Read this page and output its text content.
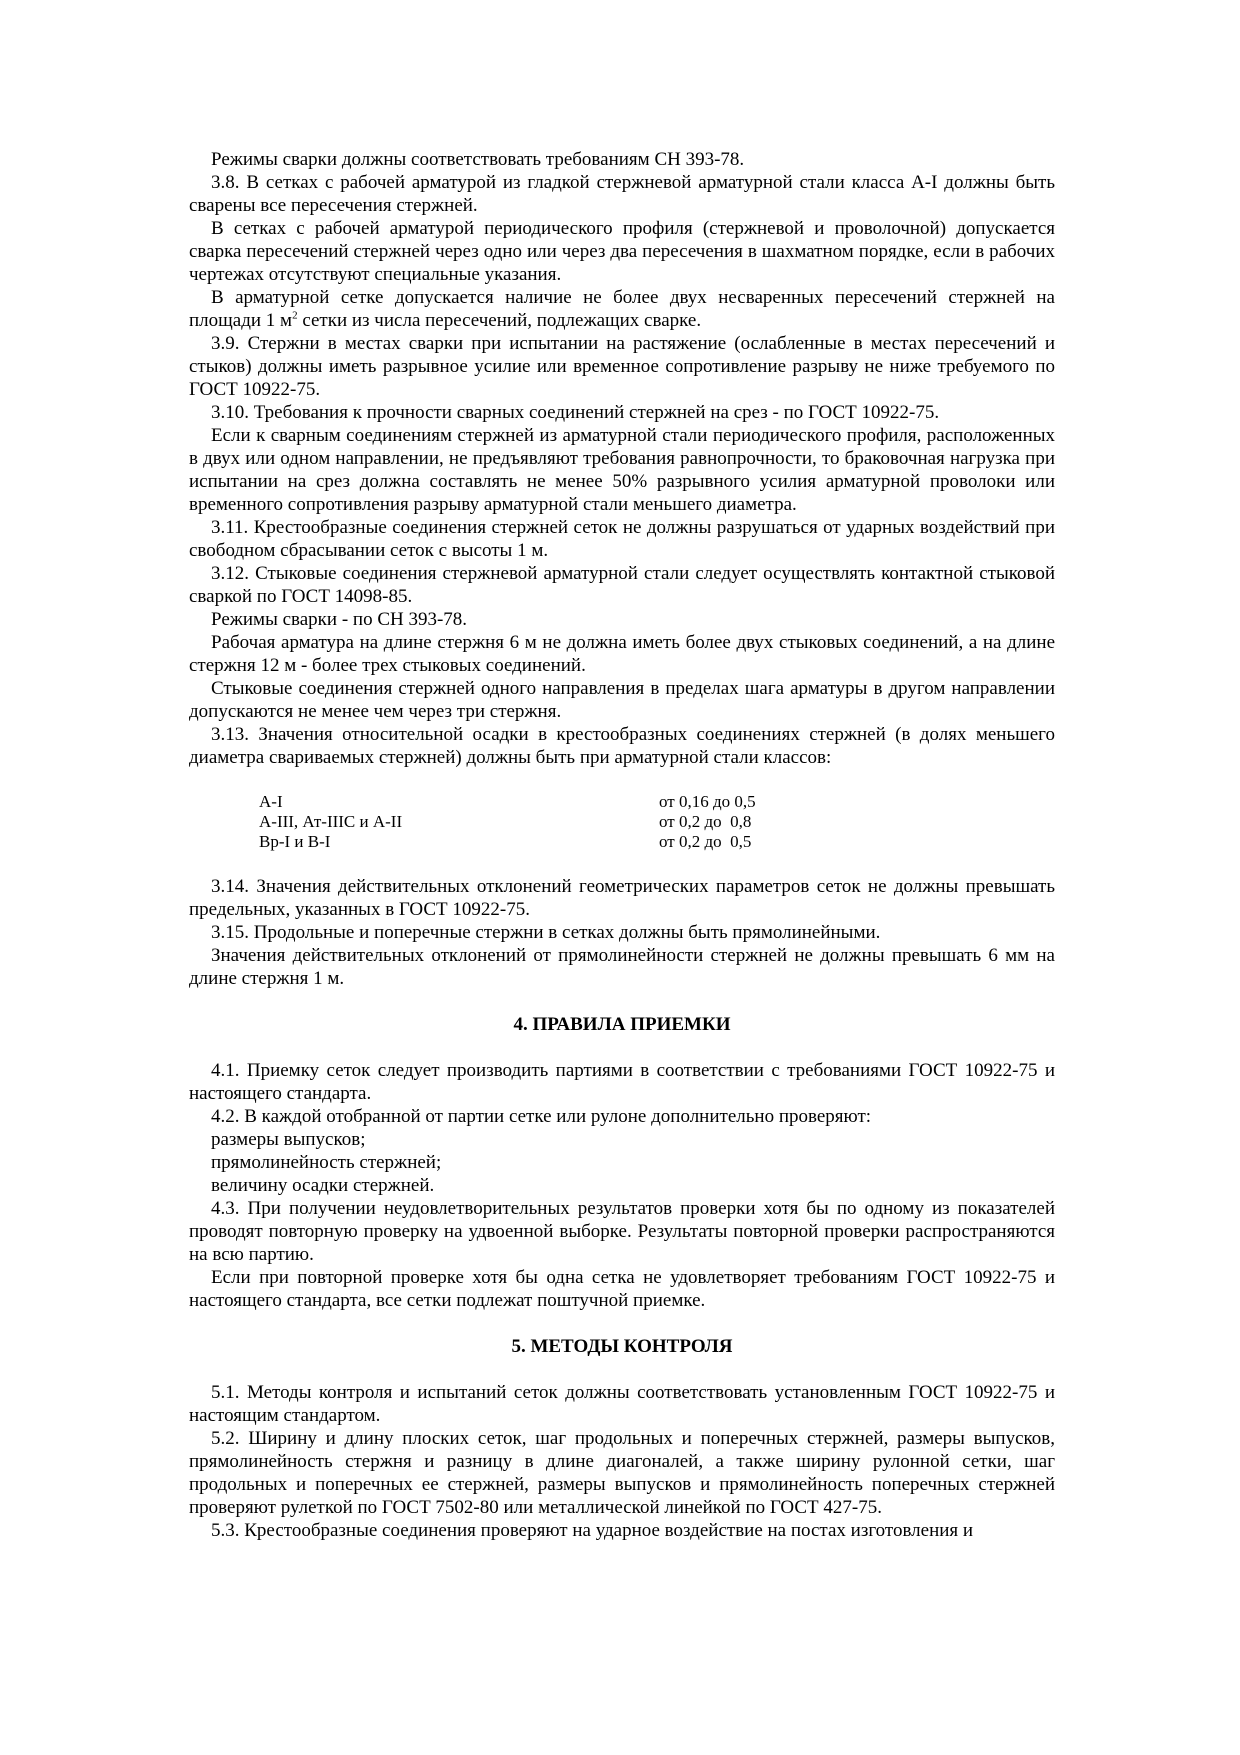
Режимы сварки должны соответствовать требованиям СН 393-78.

3.8. В сетках с рабочей арматурой из гладкой стержневой арматурной стали класса А-I должны быть сварены все пересечения стержней.

В сетках с рабочей арматурой периодического профиля (стержневой и проволочной) допускается сварка пересечений стержней через одно или через два пересечения в шахматном порядке, если в рабочих чертежах отсутствуют специальные указания.

В арматурной сетке допускается наличие не более двух несваренных пересечений стержней на площади 1 $м^2$ сетки из числа пересечений, подлежащих сварке.

3.9. Стержни в местах сварки при испытании на растяжение (ослабленные в местах пересечений и стыков) должны иметь разрывное усилие или временное сопротивление разрыву не ниже требуемого по ГОСТ 10922-75.

3.10. Требования к прочности сварных соединений стержней на срез - по ГОСТ 10922-75.

Если к сварным соединениям стержней из арматурной стали периодического профиля, расположенных в двух или одном направлении, не предъявляют требования равнопрочности, то браковочная нагрузка при испытании на срез должна составлять не менее 50% разрывного усилия арматурной проволоки или временного сопротивления разрыву арматурной стали меньшего диаметра.

3.11. Крестообразные соединения стержней сеток не должны разрушаться от ударных воздействий при свободном сбрасывании сеток с высоты 1 м.

3.12. Стыковые соединения стержневой арматурной стали следует осуществлять контактной стыковой сваркой по ГОСТ 14098-85.

Режимы сварки - по СН 393-78.

Рабочая арматура на длине стержня 6 м не должна иметь более двух стыковых соединений, а на длине стержня 12 м - более трех стыковых соединений.

Стыковые соединения стержней одного направления в пределах шага арматуры в другом направлении допускаются не менее чем через три стержня.

3.13. Значения относительной осадки в крестообразных соединениях стержней (в долях меньшего диаметра свариваемых стержней) должны быть при арматурной стали классов:

А-I	от 0,16 до 0,5
А-III, Ат-IIIС и А-II	от 0,2 до  0,8
Вр-I и В-I	от 0,2 до  0,5

3.14. Значения действительных отклонений геометрических параметров сеток не должны превышать предельных, указанных в ГОСТ 10922-75.

3.15. Продольные и поперечные стержни в сетках должны быть прямолинейными.

Значения действительных отклонений от прямолинейности стержней не должны превышать 6 мм на длине стержня 1 м.

4. ПРАВИЛА ПРИЕМКИ

4.1. Приемку сеток следует производить партиями в соответствии с требованиями ГОСТ 10922-75 и настоящего стандарта.

4.2. В каждой отобранной от партии сетке или рулоне дополнительно проверяют:

размеры выпусков;

прямолинейность стержней;

величину осадки стержней.

4.3. При получении неудовлетворительных результатов проверки хотя бы по одному из показателей проводят повторную проверку на удвоенной выборке. Результаты повторной проверки распространяются на всю партию.

Если при повторной проверке хотя бы одна сетка не удовлетворяет требованиям ГОСТ 10922-75 и настоящего стандарта, все сетки подлежат поштучной приемке.

5. МЕТОДЫ КОНТРОЛЯ

5.1. Методы контроля и испытаний сеток должны соответствовать установленным ГОСТ 10922-75 и настоящим стандартом.

5.2. Ширину и длину плоских сеток, шаг продольных и поперечных стержней, размеры выпусков, прямолинейность стержня и разницу в длине диагоналей, а также ширину рулонной сетки, шаг продольных и поперечных ее стержней, размеры выпусков и прямолинейность поперечных стержней проверяют рулеткой по ГОСТ 7502-80 или металлической линейкой по ГОСТ 427-75.

5.3. Крестообразные соединения проверяют на ударное воздействие на постах изготовления и
